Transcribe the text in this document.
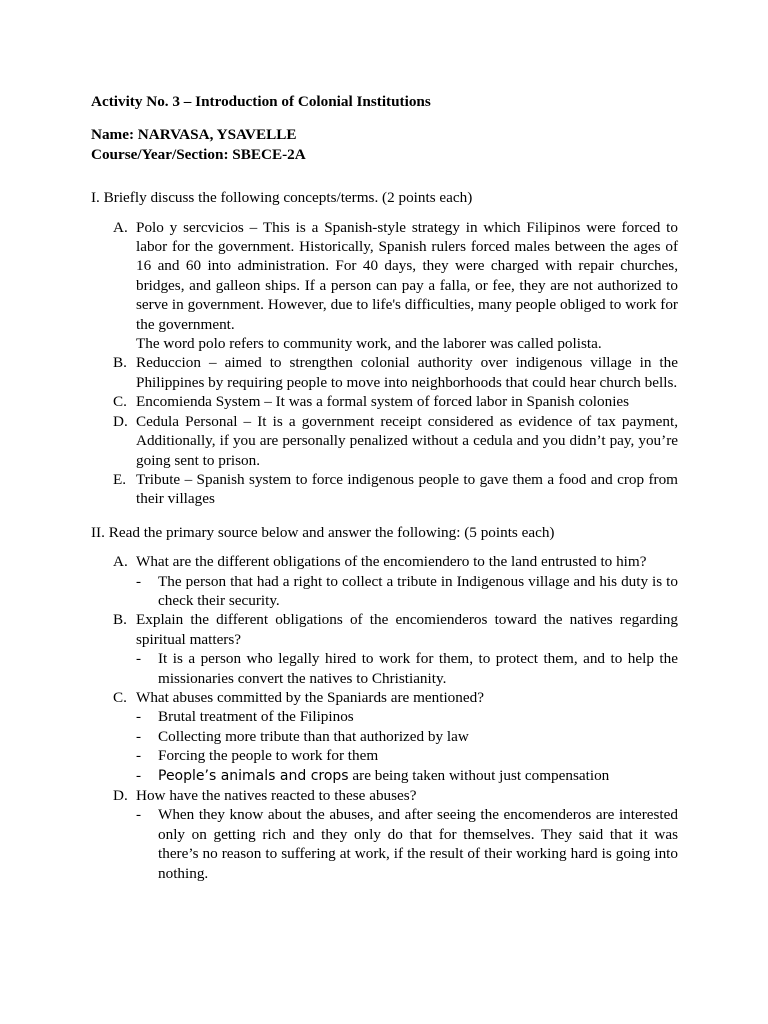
Activity No. 3 – Introduction of Colonial Institutions

Name: NARVASA, YSAVELLE

Course/Year/Section: SBECE-2A

I. Briefly discuss the following concepts/terms. (2 points each)

A. Polo y sercvicios – This is a Spanish-style strategy in which Filipinos were forced to labor for the government. Historically, Spanish rulers forced males between the ages of 16 and 60 into administration. For 40 days, they were charged with repair churches, bridges, and galleon ships. If a person can pay a falla, or fee, they are not authorized to serve in government. However, due to life's difficulties, many people obliged to work for the government.

The word polo refers to community work, and the laborer was called polista.

B. Reduccion – aimed to strengthen colonial authority over indigenous village in the Philippines by requiring people to move into neighborhoods that could hear church bells.

C. Encomienda System – It was a formal system of forced labor in Spanish colonies

D. Cedula Personal – It is a government receipt considered as evidence of tax payment, Additionally, if you are personally penalized without a cedula and you didn’t pay, you’re going sent to prison.

E. Tribute – Spanish system to force indigenous people to gave them a food and crop from their villages

II. Read the primary source below and answer the following: (5 points each)

A. What are the different obligations of the encomiendero to the land entrusted to him?

- The person that had a right to collect a tribute in Indigenous village and his duty is to check their security.
B. Explain the different obligations of the encomienderos toward the natives regarding spiritual matters?

- It is a person who legally hired to work for them, to protect them, and to help the missionaries convert the natives to Christianity.
C. What abuses committed by the Spaniards are mentioned?

- Brutal treatment of the Filipinos
- Collecting more tribute than that authorized by law
- Forcing the people to work for them
- People’s animals and crops are being taken without just compensation
D. How have the natives reacted to these abuses?

- When they know about the abuses, and after seeing the encomenderos are interested only on getting rich and they only do that for themselves. They said that it was there’s no reason to suffering at work, if the result of their working hard is going into nothing.
